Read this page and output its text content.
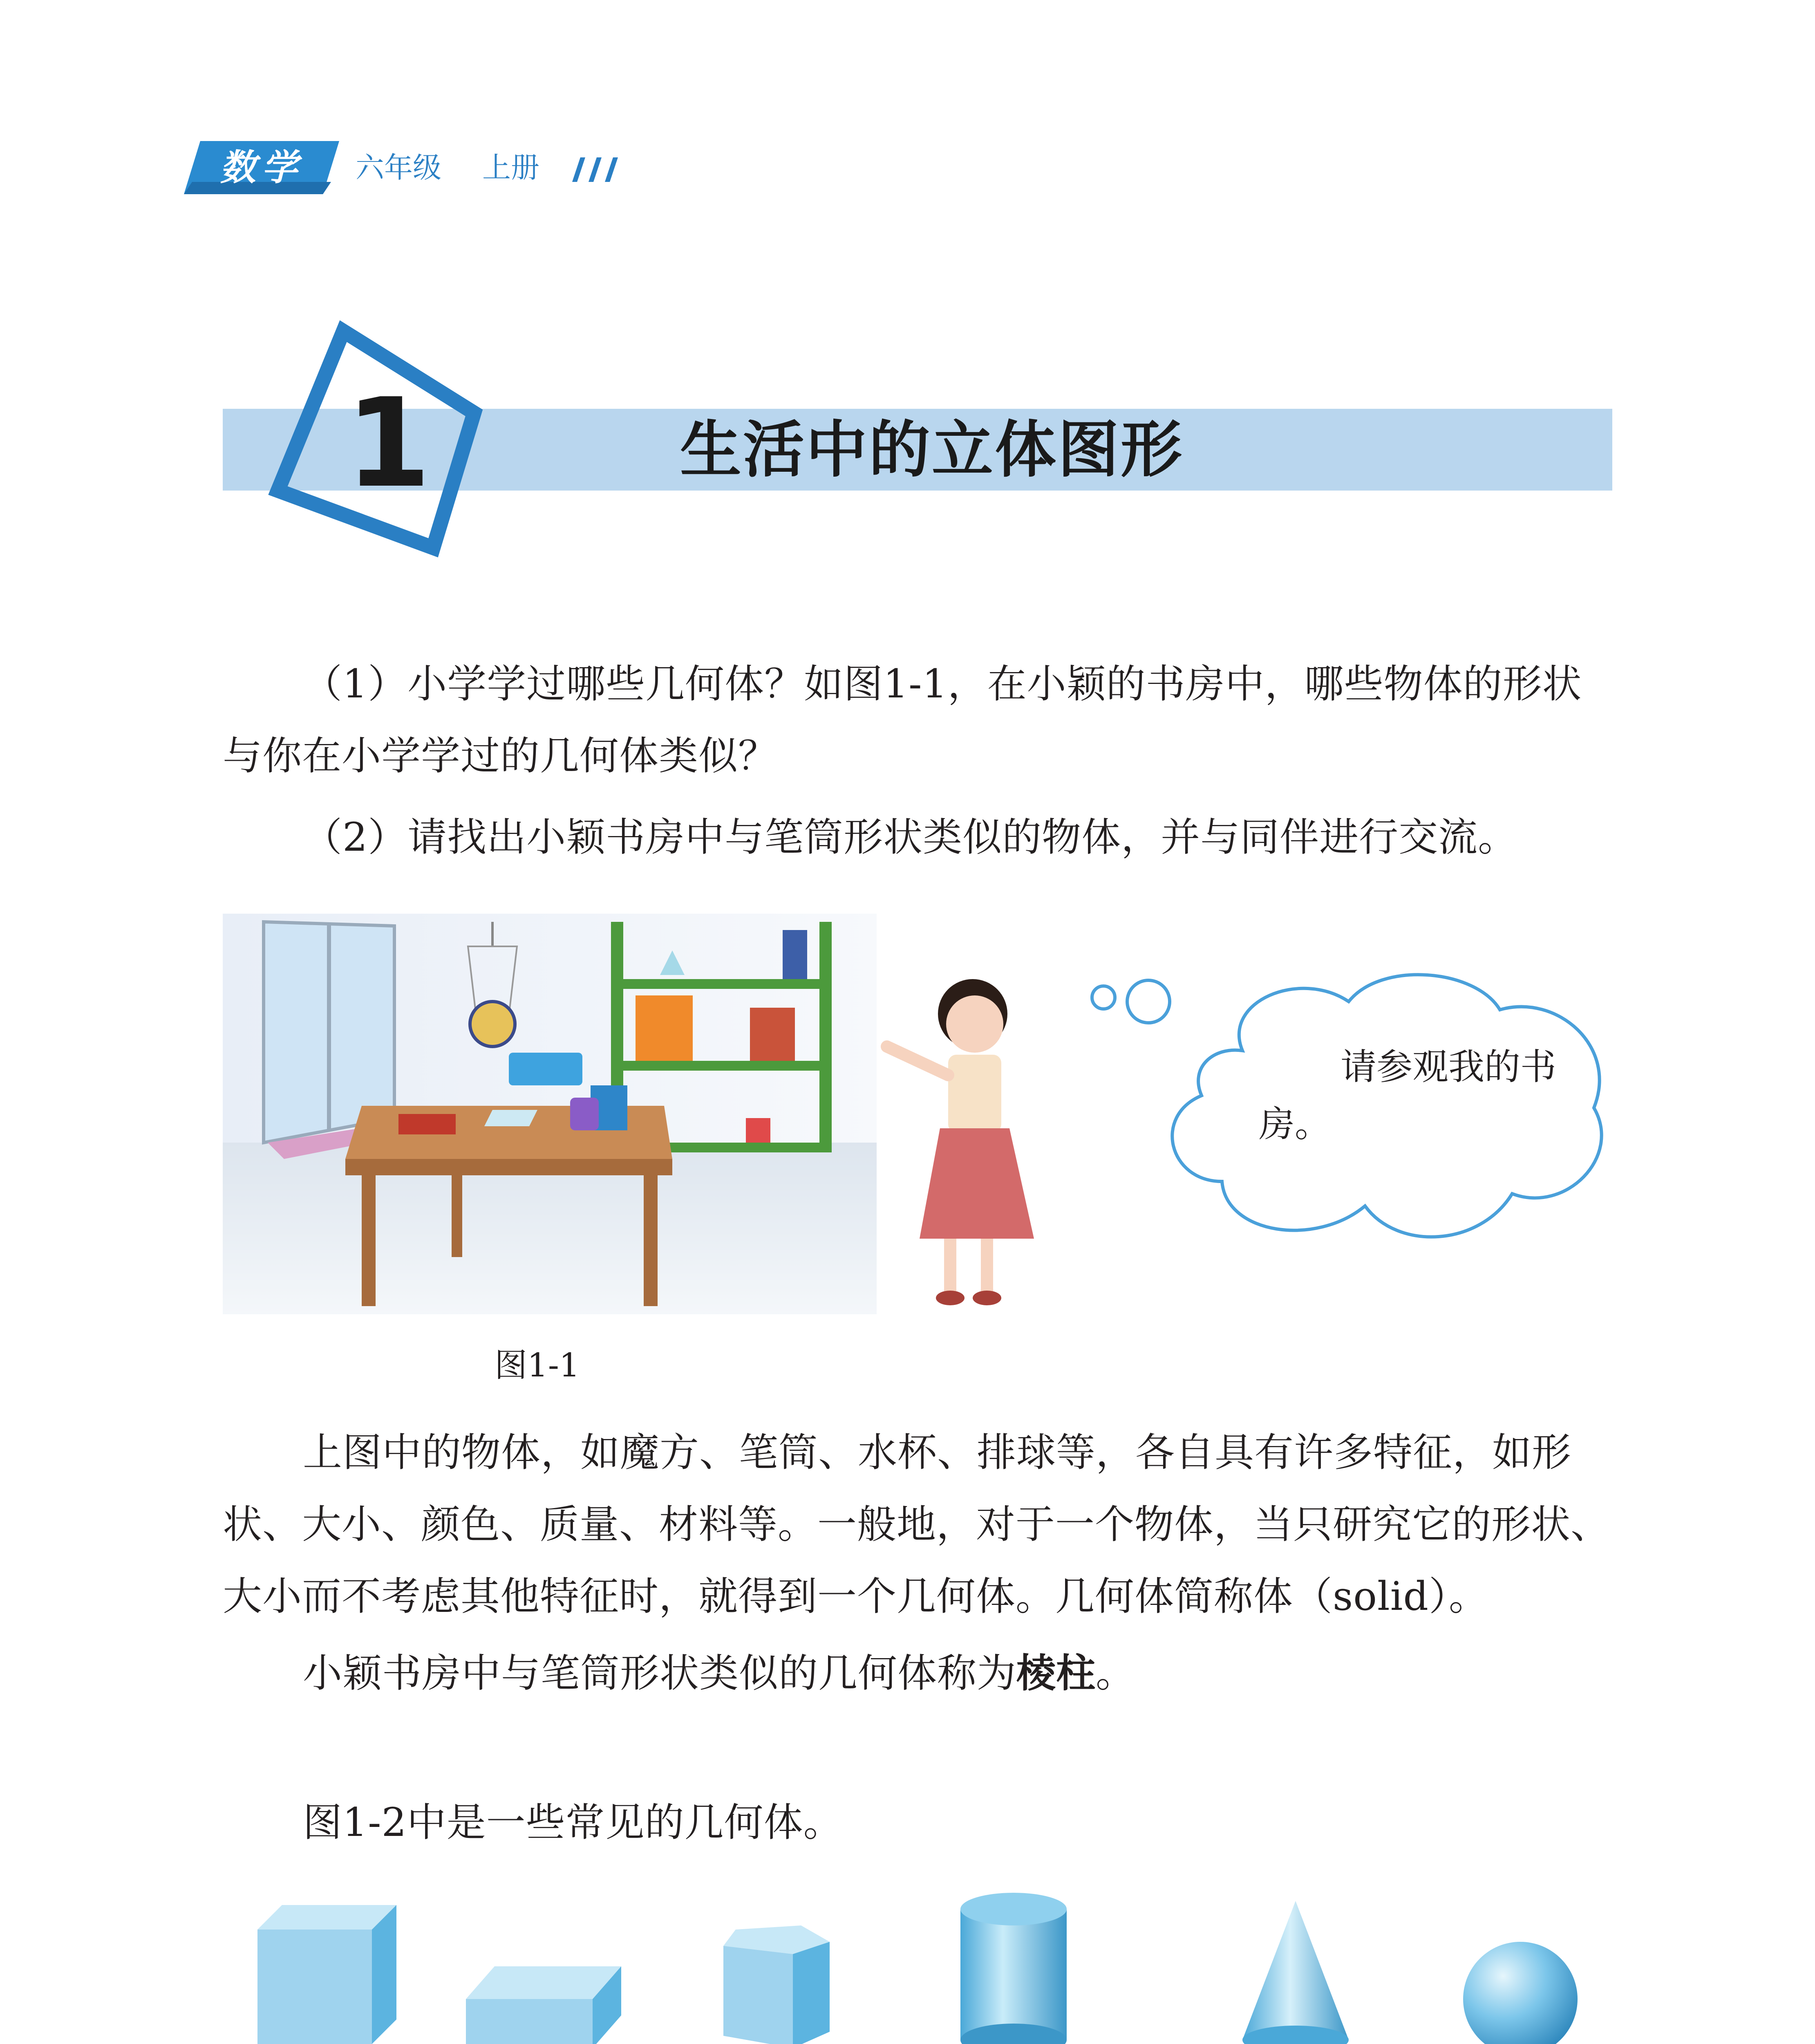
数学 六年级 上册
1	生活中的立体图形

（1）小学学过哪些几何体？如图1-1，在小颖的书房中，哪些物体的形状与你在小学学过的几何体类似？

（2）请找出小颖书房中与笔筒形状类似的物体，并与同伴进行交流。

请参观我的书房。
图1-1

上图中的物体，如魔方、笔筒、水杯、排球等，各自具有许多特征，如形状、大小、颜色、质量、材料等。一般地，对于一个物体，当只研究它的形状、大小而不考虑其他特征时，就得到一个几何体。几何体简称体（solid）。

小颖书房中与笔筒形状类似的几何体称为棱柱。

图1-2中是一些常见的几何体。
